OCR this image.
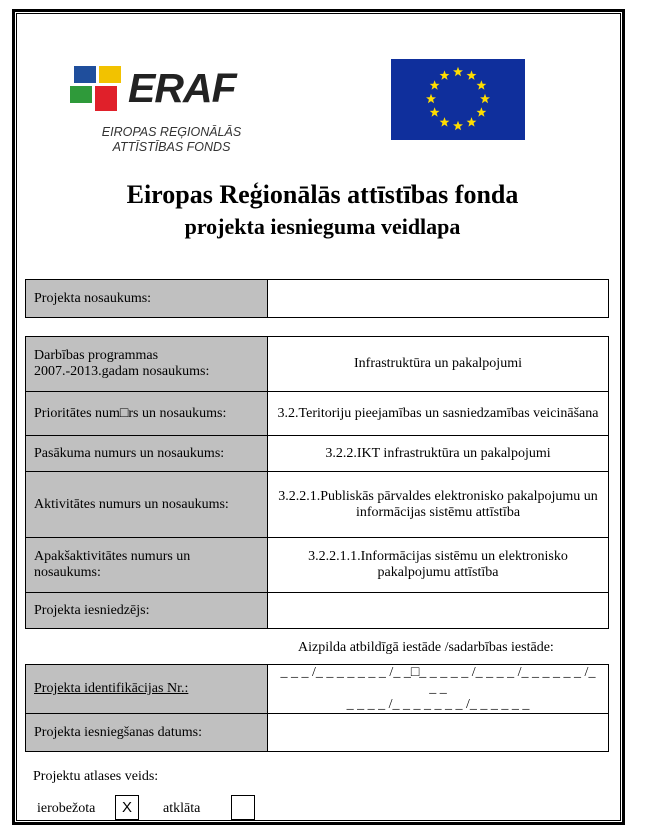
ERAF
EIROPAS REĢIONĀLĀS
ATTĪSTĪBAS FONDS
Eiropas Reģionālās attīstības fonda
projekta iesnieguma veidlapa
Projekta nosaukums:	
Darbības programmas 2007.-2013.gadam nosaukums:	Infrastruktūra un pakalpojumi
Prioritātes num□rs un nosaukums:	3.2.Teritoriju pieejamības un sasniedzamības veicināšana
Pasākuma numurs un nosaukums:	3.2.2.IKT infrastruktūra un pakalpojumi
Aktivitātes numurs un nosaukums:	3.2.2.1.Publiskās pārvaldes elektronisko pakalpojumu un informācijas sistēmu attīstība
Apakšaktivitātes numurs un nosaukums:	3.2.2.1.1.Informācijas sistēmu un elektronisko pakalpojumu attīstība
Projekta iesniedzējs:	
Aizpilda atbildīgā iestāde /sadarbības iestāde:
Projekta identifikācijas Nr.:	_ _ _ /_ _ _ _ _ _ _ /_ _□_ _ _ _ _ /_ _ _ _ /_ _ _ _ _ _ /_ _ _
_ _ _ _ /_ _ _ _ _ _ _ /_ _ _ _ _ _

Projekta iesniegšanas datums:	
Projektu atlases veids:
ierobežota	X	atklāta
